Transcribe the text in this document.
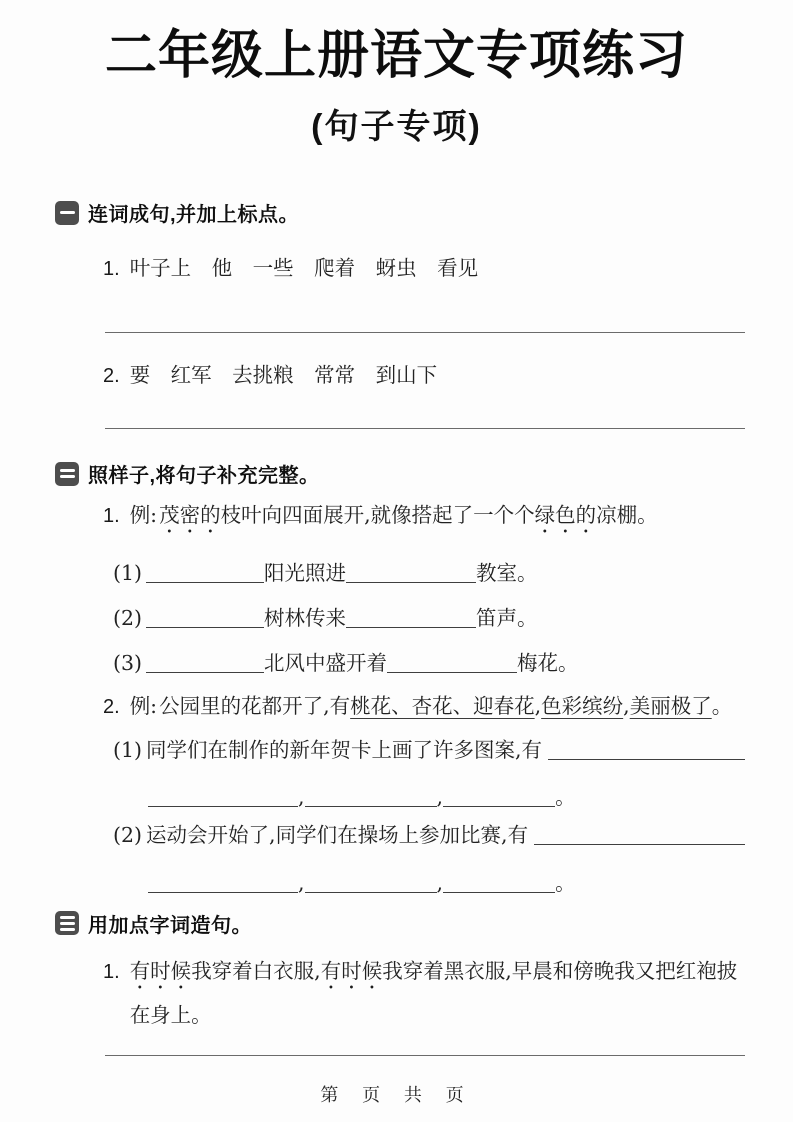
二年级上册语文专项练习
(句子专项)
连词成句,并加上标点。
1. 叶子上　他　一些　爬着　蚜虫　看见
2. 要　红军　去挑粮　常常　到山下
照样子,将句子补充完整。
1. 例:茂密的枝叶向四面展开,就像搭起了一个个绿色的凉棚。
(1)	阳光照进	教室。
(2)	树林传来	笛声。
(3)	北风中盛开着	梅花。
2. 例:公园里的花都开了,有桃花、杏花、迎春花,色彩缤纷,美丽极了。
(1) 同学们在制作的新年贺卡上画了许多图案,有
,	,	。
(2) 运动会开始了,同学们在操场上参加比赛,有
,	,	。
用加点字词造句。
1. 有时候我穿着白衣服,有时候我穿着黑衣服,早晨和傍晚我又把红袍披在身上。
第 页 共 页
